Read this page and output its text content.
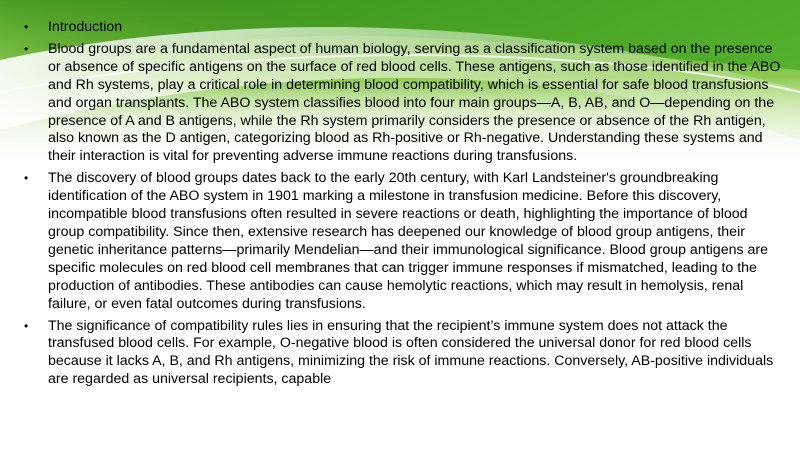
• Introduction
• Blood groups are a fundamental aspect of human biology, serving as a classification system based on the presence or absence of specific antigens on the surface of red blood cells. These antigens, such as those identified in the ABO and Rh systems, play a critical role in determining blood compatibility, which is essential for safe blood transfusions and organ transplants. The ABO system classifies blood into four main groups—A, B, AB, and O—depending on the presence of A and B antigens, while the Rh system primarily considers the presence or absence of the Rh antigen, also known as the D antigen, categorizing blood as Rh-positive or Rh-negative. Understanding these systems and their interaction is vital for preventing adverse immune reactions during transfusions.
• The discovery of blood groups dates back to the early 20th century, with Karl Landsteiner's groundbreaking identification of the ABO system in 1901 marking a milestone in transfusion medicine. Before this discovery, incompatible blood transfusions often resulted in severe reactions or death, highlighting the importance of blood group compatibility. Since then, extensive research has deepened our knowledge of blood group antigens, their genetic inheritance patterns—primarily Mendelian—and their immunological significance. Blood group antigens are specific molecules on red blood cell membranes that can trigger immune responses if mismatched, leading to the production of antibodies. These antibodies can cause hemolytic reactions, which may result in hemolysis, renal failure, or even fatal outcomes during transfusions.
• The significance of compatibility rules lies in ensuring that the recipient’s immune system does not attack the transfused blood cells. For example, O-negative blood is often considered the universal donor for red blood cells because it lacks A, B, and Rh antigens, minimizing the risk of immune reactions. Conversely, AB-positive individuals are regarded as universal recipients, capable
